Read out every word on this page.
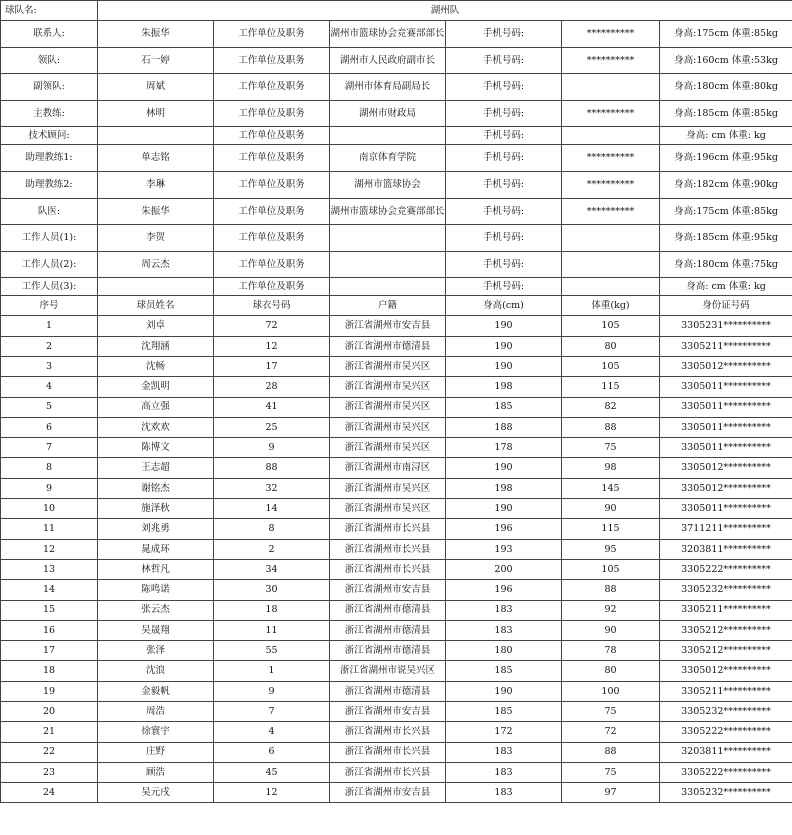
球队名:	湖州队					
联系人:	朱振华	工作单位及职务	湖州市篮球协会竞赛部部长	手机号码:	**********	身高:175cm 体重:85kg
领队:	石一婷	工作单位及职务	湖州市人民政府副市长	手机号码:	**********	身高:160cm 体重:53kg
副领队:	周斌	工作单位及职务	湖州市体育局副局长	手机号码:		身高:180cm 体重:80kg
主教练:	林明	工作单位及职务	湖州市财政局	手机号码:	**********	身高:185cm 体重:85kg
技术顾问:		工作单位及职务		手机号码:		身高: cm 体重: kg
助理教练1:	单志铭	工作单位及职务	南京体育学院	手机号码:	**********	身高:196cm 体重:95kg
助理教练2:	李琳	工作单位及职务	湖州市篮球协会	手机号码:	**********	身高:182cm 体重:90kg
队医:	朱振华	工作单位及职务	湖州市篮球协会竞赛部部长	手机号码:	**********	身高:175cm 体重:85kg
工作人员(1):	李贺	工作单位及职务		手机号码:		身高:185cm 体重:95kg
工作人员(2):	周云杰	工作单位及职务		手机号码:		身高:180cm 体重:75kg
工作人员(3):		工作单位及职务		手机号码:		身高: cm 体重: kg
序号	球员姓名	球衣号码	户籍	身高(cm)	体重(kg)	身份证号码
1	刘卓	72	浙江省湖州市安吉县	190	105	3305231**********
2	沈翔涵	12	浙江省湖州市德清县	190	80	3305211**********
3	沈畅	17	浙江省湖州市吴兴区	190	105	3305012**********
4	金凯明	28	浙江省湖州市吴兴区	198	115	3305011**********
5	高立强	41	浙江省湖州市吴兴区	185	82	3305011**********
6	沈欢欢	25	浙江省湖州市吴兴区	188	88	3305011**********
7	陈博文	9	浙江省湖州市吴兴区	178	75	3305011**********
8	王志超	88	浙江省湖州市南浔区	190	98	3305012**********
9	谢铭杰	32	浙江省湖州市吴兴区	198	145	3305012**********
10	施泽秋	14	浙江省湖州市吴兴区	190	90	3305011**********
11	刘兆勇	8	浙江省湖州市长兴县	196	115	3711211**********
12	晁成环	2	浙江省湖州市长兴县	193	95	3203811**********
13	林哲凡	34	浙江省湖州市长兴县	200	105	3305222**********
14	陈鸣诺	30	浙江省湖州市安吉县	196	88	3305232**********
15	张云杰	18	浙江省湖州市德清县	183	92	3305211**********
16	吴晟翔	11	浙江省湖州市德清县	183	90	3305212**********
17	张泽	55	浙江省湖州市德清县	180	78	3305212**********
18	沈浪	1	浙江省湖州市说吴兴区	185	80	3305012**********
19	金毅帆	9	浙江省湖州市德清县	190	100	3305211**********
20	周浩	7	浙江省湖州市安吉县	185	75	3305232**********
21	徐寰宇	4	浙江省湖州市长兴县	172	72	3305222**********
22	庄野	6	浙江省湖州市长兴县	183	88	3203811**********
23	顾浩	45	浙江省湖州市长兴县	183	75	3305222**********
24	吴元戌	12	浙江省湖州市安吉县	183	97	3305232**********
